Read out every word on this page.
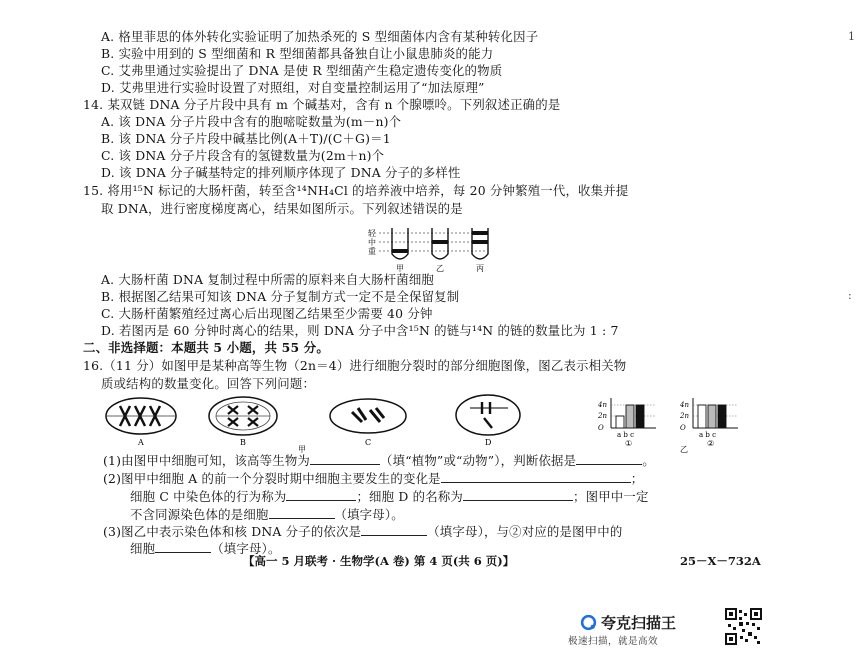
A. 格里菲思的体外转化实验证明了加热杀死的 S 型细菌体内含有某种转化因子
B. 实验中用到的 S 型细菌和 R 型细菌都具备独自让小鼠患肺炎的能力
C. 艾弗里通过实验提出了 DNA 是使 R 型细菌产生稳定遗传变化的物质
D. 艾弗里进行实验时设置了对照组，对自变量控制运用了“加法原理”
14. 某双链 DNA 分子片段中具有 m 个碱基对，含有 n 个腺嘌呤。下列叙述正确的是
A. 该 DNA 分子片段中含有的胞嘧啶数量为(m－n)个
B. 该 DNA 分子片段中碱基比例(A＋T)/(C＋G)＝1
C. 该 DNA 分子片段含有的氢键数量为(2m＋n)个
D. 该 DNA 分子碱基特定的排列顺序体现了 DNA 分子的多样性
15. 将用¹⁵N 标记的大肠杆菌，转至含¹⁴NH₄Cl 的培养液中培养，每 20 分钟繁殖一代，收集并提
取 DNA，进行密度梯度离心，结果如图所示。下列叙述错误的是
轻
中
重
甲	乙	丙
A. 大肠杆菌 DNA 复制过程中所需的原料来自大肠杆菌细胞
B. 根据图乙结果可知该 DNA 分子复制方式一定不是全保留复制
C. 大肠杆菌繁殖经过离心后出现图乙结果至少需要 40 分钟
D. 若图丙是 60 分钟时离心的结果，则 DNA 分子中含¹⁵N 的链与¹⁴N 的链的数量比为 1 : 7
二、非选择题：本题共 5 小题，共 55 分。
16.（11 分）如图甲是某种高等生物（2n＝4）进行细胞分裂时的部分细胞图像，图乙表示相关物
质或结构的数量变化。回答下列问题：
A	B	C	D
甲
4n
2n
O
a b c
①
4n
2n
O
a b c
②
乙
(1)由图甲中细胞可知，该高等生物为	（填“植物”或“动物”），判断依据是	。
(2)图甲中细胞 A 的前一个分裂时期中细胞主要发生的变化是	；
细胞 C 中染色体的行为称为	；细胞 D 的名称为	；图甲中一定
不含同源染色体的是细胞	（填字母）。
(3)图乙中表示染色体和核 DNA 分子的依次是	（填字母），与②对应的是图甲中的
细胞	（填字母）。
【高一 5 月联考 · 生物学(A 卷) 第 4 页(共 6 页)】	25－X－732A
1
:
夸克扫描王
极速扫描，就是高效
